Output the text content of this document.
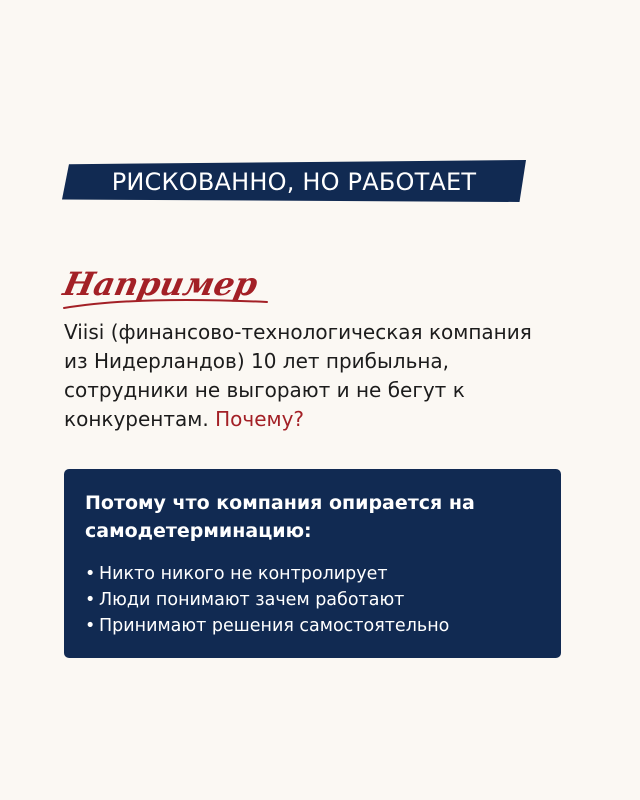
РИСКОВАННО, НО РАБОТАЕТ
Например
Viisi (финансово-технологическая компания из Нидерландов) 10 лет прибыльна, сотрудники не выгорают и не бегут к конкурентам. Почему?
Потому что компания опирается на самодетерминацию:
• Никто никого не контролирует
• Люди понимают зачем работают
• Принимают решения самостоятельно
